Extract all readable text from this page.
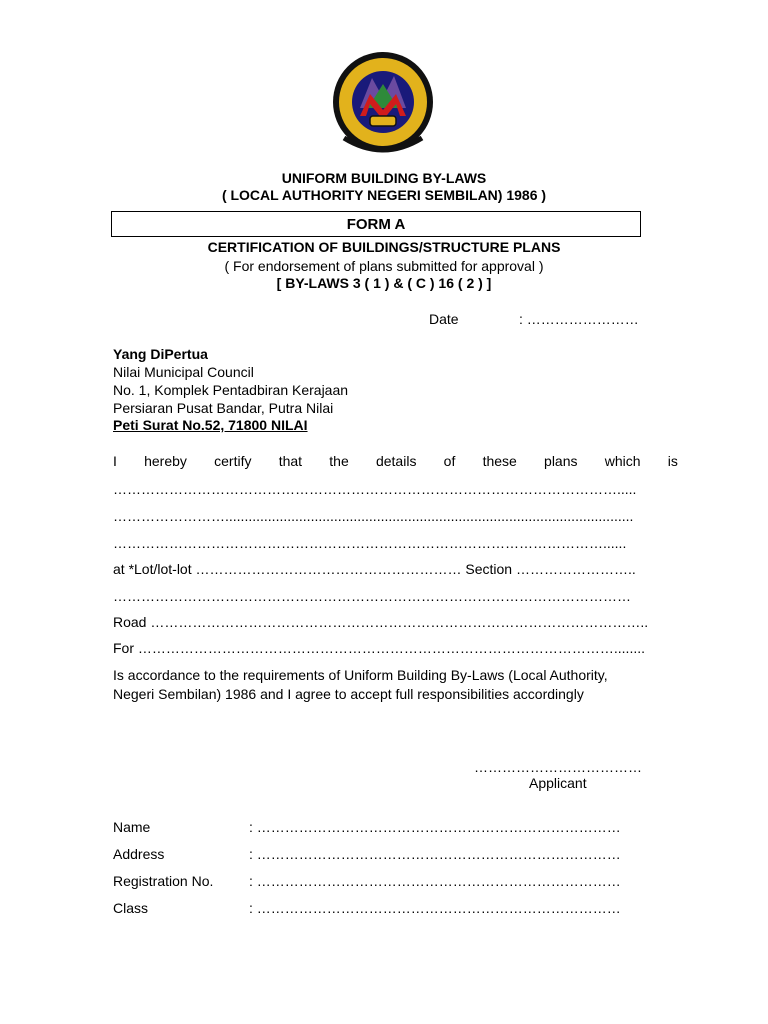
UNIFORM BUILDING BY-LAWS
( LOCAL AUTHORITY NEGERI SEMBILAN) 1986 )
FORM A
CERTIFICATION OF BUILDINGS/STRUCTURE PLANS
( For endorsement of plans submitted for approval )
[ BY-LAWS 3 ( 1 ) & ( C ) 16 ( 2 ) ]
Date	: ……………………
Yang DiPertua
Nilai Municipal Council
No. 1, Komplek Pentadbiran Kerajaan
Persiaran Pusat Bandar, Putra Nilai
Peti Surat No.52, 71800 NILAI
I hereby certify that the details of these plans which is
……………………………………………………………………………………………….....
…………………….........................................................................................................
……………………………………………………………………………………………......
at *Lot/lot-lot ………………………………………………… Section ……………………..
…………………………………………………………………………………………………
Road ……………………………………………………………………………………………..
For …………………………………………………………………………………………........
Is accordance to the requirements of Uniform Building By-Laws (Local Authority,
Negeri Sembilan) 1986 and I agree to accept full responsibilities accordingly
………………………………
Applicant
Name	: ……………………………………………………………………
Address	: ……………………………………………………………………
Registration No.	: ……………………………………………………………………
Class	: ……………………………………………………………………
